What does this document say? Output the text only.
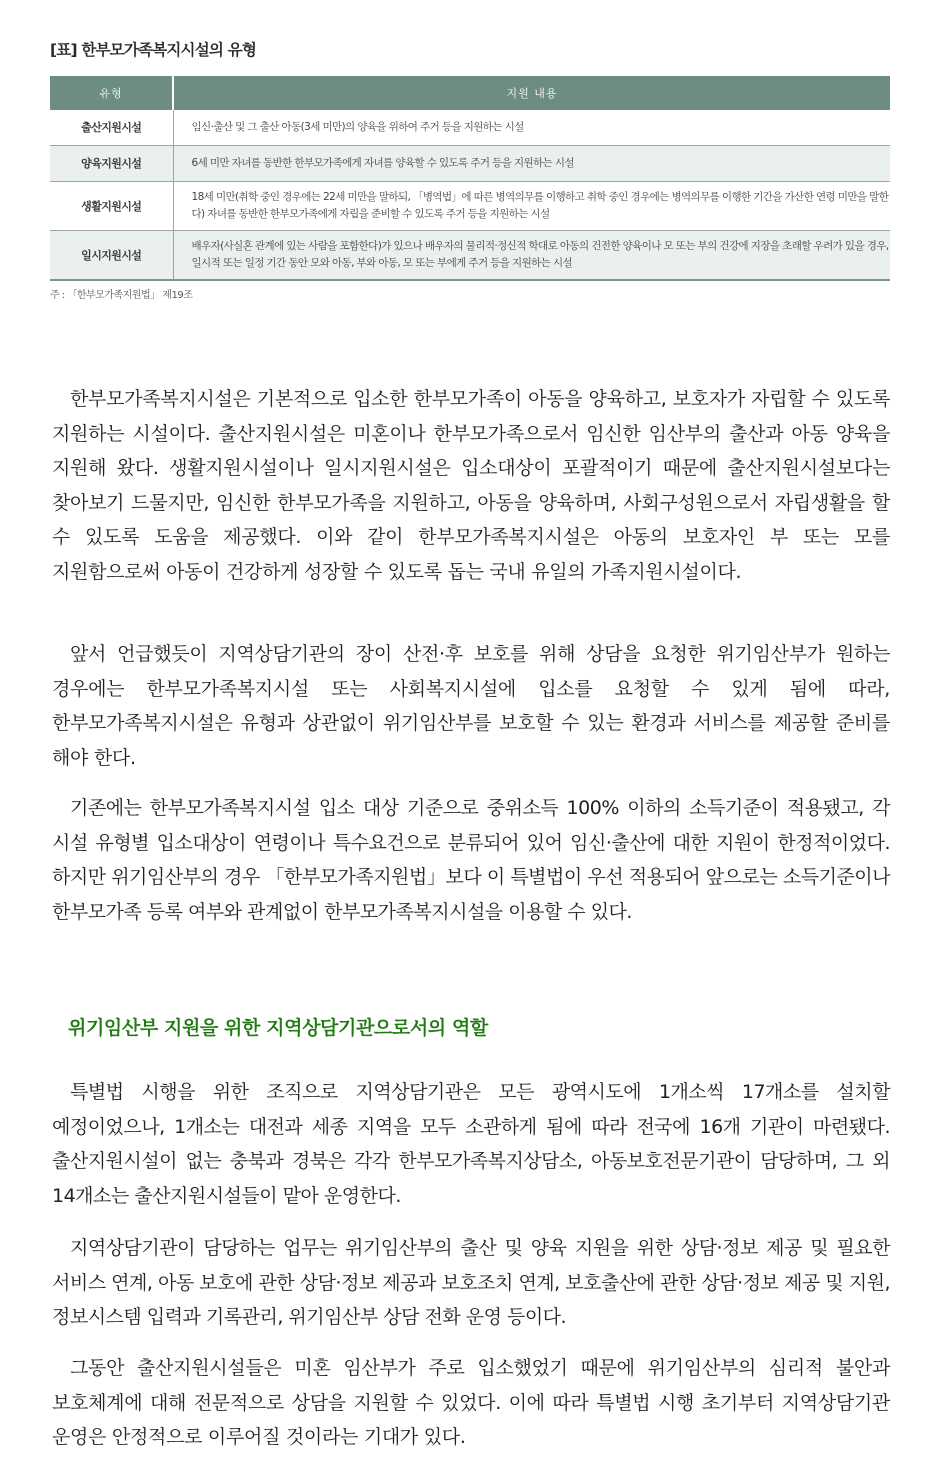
[표] 한부모가족복지시설의 유형
유형	지원 내용
출산지원시설	임신·출산 및 그 출산 아동(3세 미만)의 양육을 위하여 주거 등을 지원하는 시설
양육지원시설	6세 미만 자녀를 동반한 한부모가족에게 자녀를 양육할 수 있도록 주거 등을 지원하는 시설
생활지원시설	18세 미만(취학 중인 경우에는 22세 미만을 말하되, 「병역법」에 따른 병역의무를 이행하고 취학 중인 경우에는 병역의무를 이행한 기간을 가산한 연령 미만을 말한다) 자녀를 동반한 한부모가족에게 자립을 준비할 수 있도록 주거 등을 지원하는 시설
일시지원시설	배우자(사실혼 관계에 있는 사람을 포함한다)가 있으나 배우자의 물리적·정신적 학대로 아동의 건전한 양육이나 모 또는 부의 건강에 지장을 초래할 우려가 있을 경우, 일시적 또는 일정 기간 동안 모와 아동, 부와 아동, 모 또는 부에게 주거 등을 지원하는 시설
주 : 「한부모가족지원법」 제19조

한부모가족복지시설은 기본적으로 입소한 한부모가족이 아동을 양육하고, 보호자가 자립할 수 있도록 지원하는 시설이다. 출산지원시설은 미혼이나 한부모가족으로서 임신한 임산부의 출산과 아동 양육을 지원해 왔다. 생활지원시설이나 일시지원시설은 입소대상이 포괄적이기 때문에 출산지원시설보다는 찾아보기 드물지만, 임신한 한부모가족을 지원하고, 아동을 양육하며, 사회구성원으로서 자립생활을 할 수 있도록 도움을 제공했다. 이와 같이 한부모가족복지시설은 아동의 보호자인 부 또는 모를 지원함으로써 아동이 건강하게 성장할 수 있도록 돕는 국내 유일의 가족지원시설이다.

앞서 언급했듯이 지역상담기관의 장이 산전·후 보호를 위해 상담을 요청한 위기임산부가 원하는 경우에는 한부모가족복지시설 또는 사회복지시설에 입소를 요청할 수 있게 됨에 따라, 한부모가족복지시설은 유형과 상관없이 위기임산부를 보호할 수 있는 환경과 서비스를 제공할 준비를 해야 한다.

기존에는 한부모가족복지시설 입소 대상 기준으로 중위소득 100% 이하의 소득기준이 적용됐고, 각 시설 유형별 입소대상이 연령이나 특수요건으로 분류되어 있어 임신·출산에 대한 지원이 한정적이었다. 하지만 위기임산부의 경우 「한부모가족지원법」보다 이 특별법이 우선 적용되어 앞으로는 소득기준이나 한부모가족 등록 여부와 관계없이 한부모가족복지시설을 이용할 수 있다.

위기임산부 지원을 위한 지역상담기관으로서의 역할

특별법 시행을 위한 조직으로 지역상담기관은 모든 광역시도에 1개소씩 17개소를 설치할 예정이었으나, 1개소는 대전과 세종 지역을 모두 소관하게 됨에 따라 전국에 16개 기관이 마련됐다. 출산지원시설이 없는 충북과 경북은 각각 한부모가족복지상담소, 아동보호전문기관이 담당하며, 그 외 14개소는 출산지원시설들이 맡아 운영한다.

지역상담기관이 담당하는 업무는 위기임산부의 출산 및 양육 지원을 위한 상담·정보 제공 및 필요한 서비스 연계, 아동 보호에 관한 상담·정보 제공과 보호조치 연계, 보호출산에 관한 상담·정보 제공 및 지원, 정보시스템 입력과 기록관리, 위기임산부 상담 전화 운영 등이다.

그동안 출산지원시설들은 미혼 임산부가 주로 입소했었기 때문에 위기임산부의 심리적 불안과 보호체계에 대해 전문적으로 상담을 지원할 수 있었다. 이에 따라 특별법 시행 초기부터 지역상담기관 운영은 안정적으로 이루어질 것이라는 기대가 있다.
